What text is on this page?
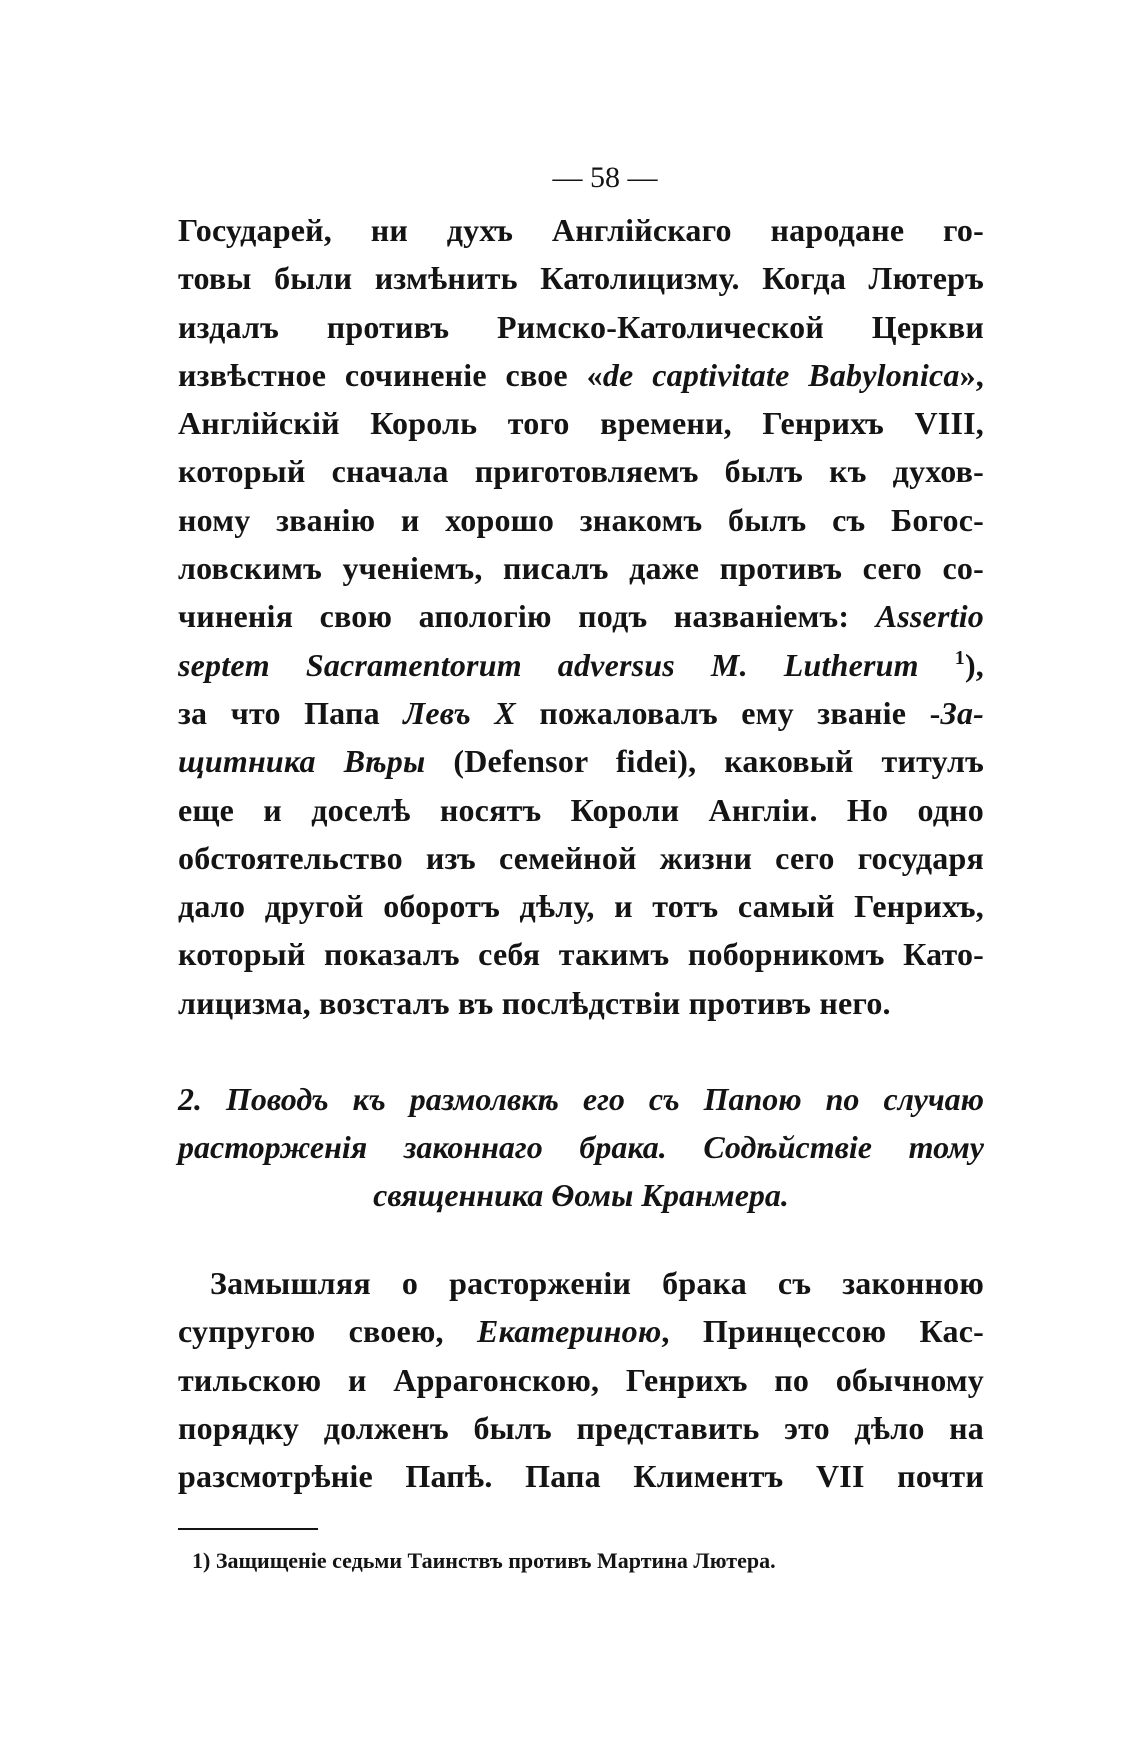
— 58 —
Государей, ни духъ Англійскаго народане го-
товы были измѣнить Католицизму. Когда Лютеръ
издалъ противъ Римско-Католической Церкви
извѣстное сочиненіе свое «de captivitate Babylonica»,
Англійскій Король того времени, Генрихъ VIII,
который сначала приготовляемъ былъ къ духов-
ному званію и хорошо знакомъ былъ съ Богос-
ловскимъ ученіемъ, писалъ даже противъ сего со-
чиненія свою апологію подъ названіемъ: Assertio
septem Sacramentorum adversus M. Lutherum $^1$),
за что Папа Левъ X пожаловалъ ему званіе -За-
щитника Вѣры (Defensor fidei), каковый титулъ
еще и доселѣ носятъ Короли Англіи. Но одно
обстоятельство изъ семейной жизни сего государя
дало другой оборотъ дѣлу, и тотъ самый Генрихъ,
который показалъ себя такимъ поборникомъ Като-
лицизма, возсталъ въ послѣдствіи противъ него.
2. Поводъ къ размолвкѣ его съ Папою по случаю
расторженія законнаго брака. Содѣйствіе тому
священника Ѳомы Кранмера.
Замышляя о расторженіи брака съ законною
супругою своею, Екатериною, Принцессою Кас-
тильскою и Аррагонскою, Генрихъ по обычному
порядку долженъ былъ представить это дѣло на
разсмотрѣніе Папѣ. Папа Климентъ VII почти
1) Защищеніе седьми Таинствъ противъ Мартина Лютера.
